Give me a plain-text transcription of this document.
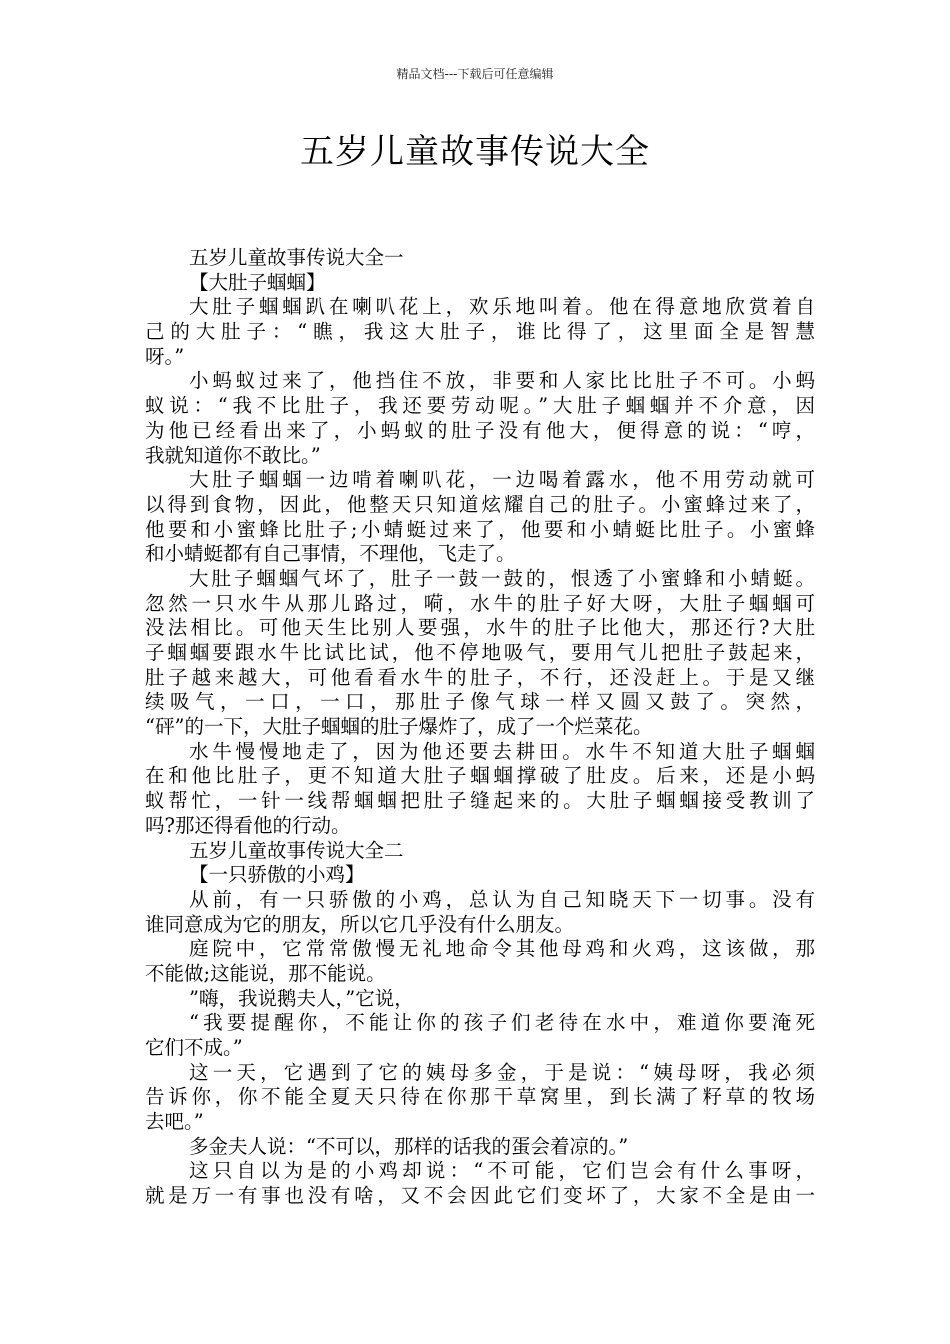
精品文档---下载后可任意编辑
五岁儿童故事传说大全
五岁儿童故事传说大全一
【大肚子蝈蝈】
大肚子蝈蝈趴在喇叭花上，欢乐地叫着。他在得意地欣赏着自
己的大肚子：“瞧，我这大肚子，谁比得了，这里面全是智慧
呀。”
小蚂蚁过来了，他挡住不放，非要和人家比比肚子不可。小蚂
蚁说：“我不比肚子，我还要劳动呢。”大肚子蝈蝈并不介意，因
为他已经看出来了，小蚂蚁的肚子没有他大，便得意的说：“哼，
我就知道你不敢比。”
大肚子蝈蝈一边啃着喇叭花，一边喝着露水，他不用劳动就可
以得到食物，因此，他整天只知道炫耀自己的肚子。小蜜蜂过来了，
他要和小蜜蜂比肚子;小蜻蜓过来了，他要和小蜻蜓比肚子。小蜜蜂
和小蜻蜓都有自己事情，不理他，飞走了。
大肚子蝈蝈气坏了，肚子一鼓一鼓的，恨透了小蜜蜂和小蜻蜓。
忽然一只水牛从那儿路过，嗬，水牛的肚子好大呀，大肚子蝈蝈可
没法相比。可他天生比别人要强，水牛的肚子比他大，那还行?大肚
子蝈蝈要跟水牛比试比试，他不停地吸气，要用气儿把肚子鼓起来，
肚子越来越大，可他看看水牛的肚子，不行，还没赶上。于是又继
续吸气，一口，一口，那肚子像气球一样又圆又鼓了。突然，
“砰”的一下，大肚子蝈蝈的肚子爆炸了，成了一个烂菜花。
水牛慢慢地走了，因为他还要去耕田。水牛不知道大肚子蝈蝈
在和他比肚子，更不知道大肚子蝈蝈撑破了肚皮。后来，还是小蚂
蚁帮忙，一针一线帮蝈蝈把肚子缝起来的。大肚子蝈蝈接受教训了
吗?那还得看他的行动。
五岁儿童故事传说大全二
【一只骄傲的小鸡】
从前，有一只骄傲的小鸡，总认为自己知晓天下一切事。没有
谁同意成为它的朋友，所以它几乎没有什么朋友。
庭院中，它常常傲慢无礼地命令其他母鸡和火鸡，这该做，那
不能做;这能说，那不能说。
”嗨，我说鹅夫人，”它说，
“我要提醒你，不能让你的孩子们老待在水中，难道你要淹死
它们不成。”
这一天，它遇到了它的姨母多金，于是说：“姨母呀，我必须
告诉你，你不能全夏天只待在你那干草窝里，到长满了籽草的牧场
去吧。”
多金夫人说：“不可以，那样的话我的蛋会着凉的。”
这只自以为是的小鸡却说：“不可能，它们岂会有什么事呀，
就是万一有事也没有啥，又不会因此它们变坏了，大家不全是由一
